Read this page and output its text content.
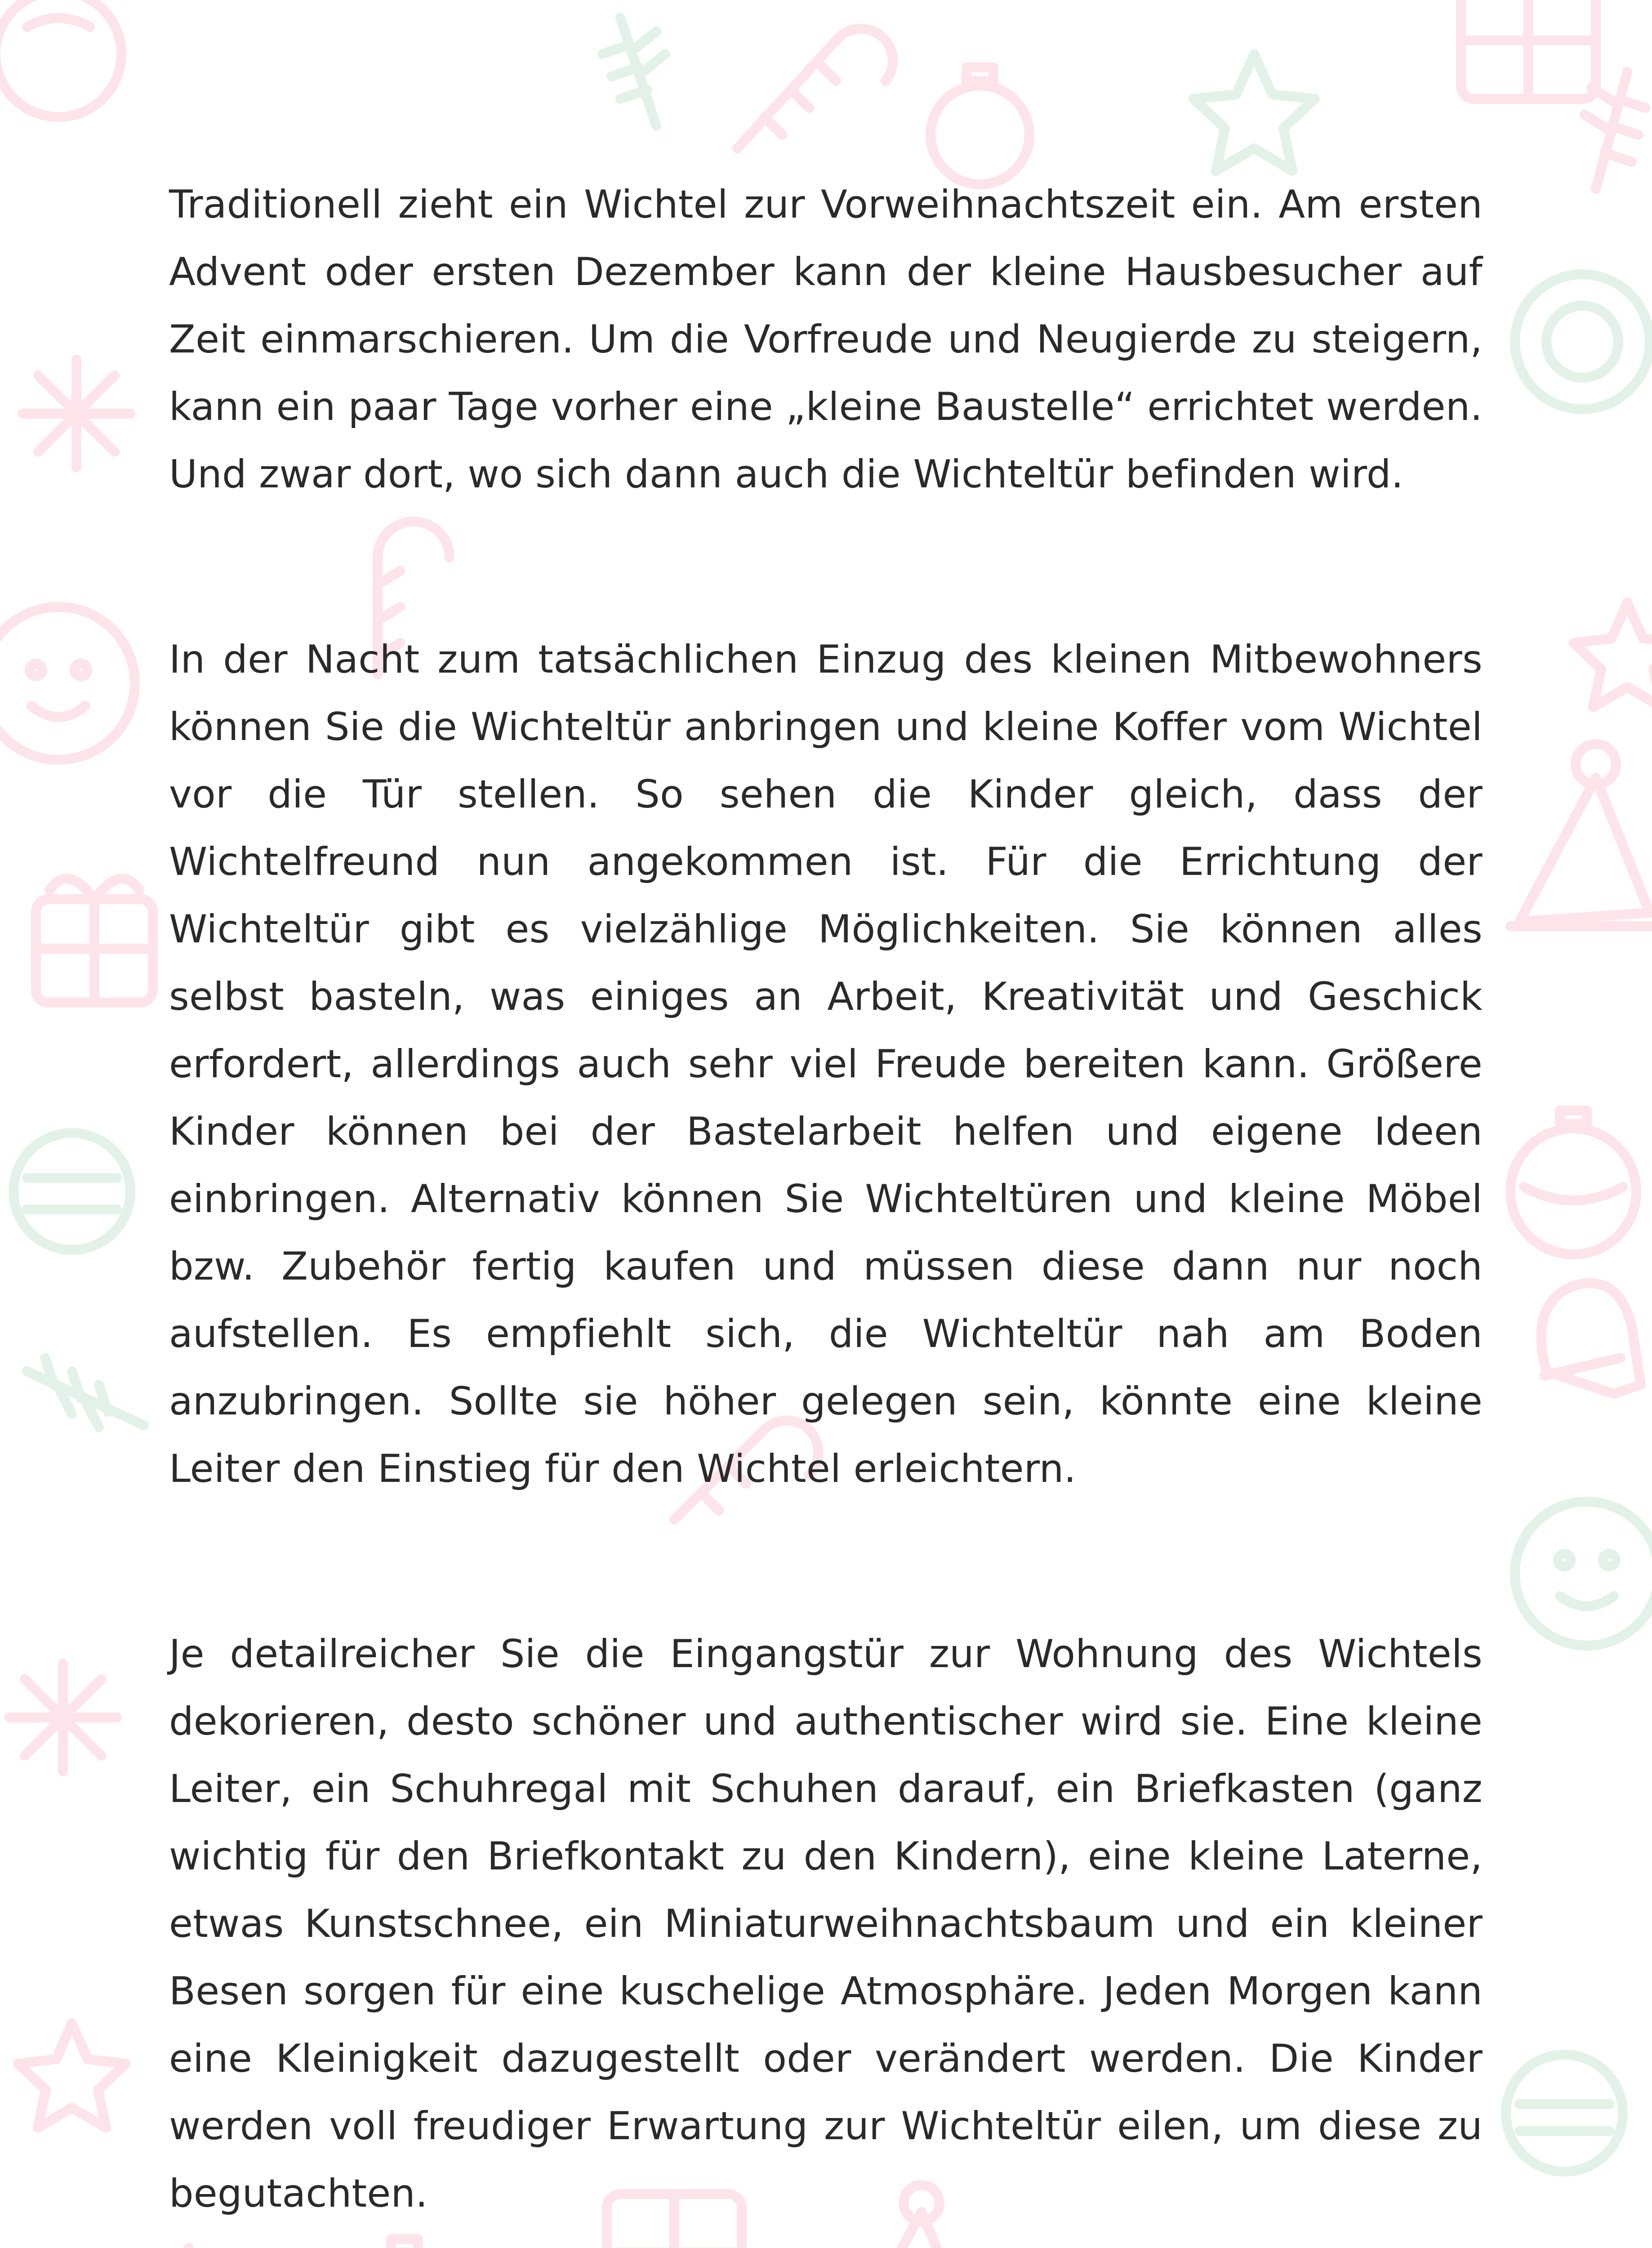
Traditionell zieht ein Wichtel zur Vorweihnachtszeit ein. Am ersten Advent oder ersten Dezember kann der kleine Hausbesucher auf Zeit einmarschieren. Um die Vorfreude und Neugierde zu steigern, kann ein paar Tage vorher eine „kleine Baustelle“ errichtet werden. Und zwar dort, wo sich dann auch die Wichteltür befinden wird.

In der Nacht zum tatsächlichen Einzug des kleinen Mitbewohners können Sie die Wichteltür anbringen und kleine Koffer vom Wichtel vor die Tür stellen. So sehen die Kinder gleich, dass der Wichtelfreund nun angekommen ist. Für die Errichtung der Wichteltür gibt es vielzählige Möglichkeiten. Sie können alles selbst basteln, was einiges an Arbeit, Kreativität und Geschick erfordert, allerdings auch sehr viel Freude bereiten kann. Größere Kinder können bei der Bastelarbeit helfen und eigene Ideen einbringen. Alternativ können Sie Wichteltüren und kleine Möbel bzw. Zubehör fertig kaufen und müssen diese dann nur noch aufstellen. Es empfiehlt sich, die Wichteltür nah am Boden anzubringen. Sollte sie höher gelegen sein, könnte eine kleine Leiter den Einstieg für den Wichtel erleichtern.

Je detailreicher Sie die Eingangstür zur Wohnung des Wichtels dekorieren, desto schöner und authentischer wird sie. Eine kleine Leiter, ein Schuhregal mit Schuhen darauf, ein Briefkasten (ganz wichtig für den Briefkontakt zu den Kindern), eine kleine Laterne, etwas Kunstschnee, ein Miniaturweihnachtsbaum und ein kleiner Besen sorgen für eine kuschelige Atmosphäre. Jeden Morgen kann eine Kleinigkeit dazugestellt oder verändert werden. Die Kinder werden voll freudiger Erwartung zur Wichteltür eilen, um diese zu begutachten.
